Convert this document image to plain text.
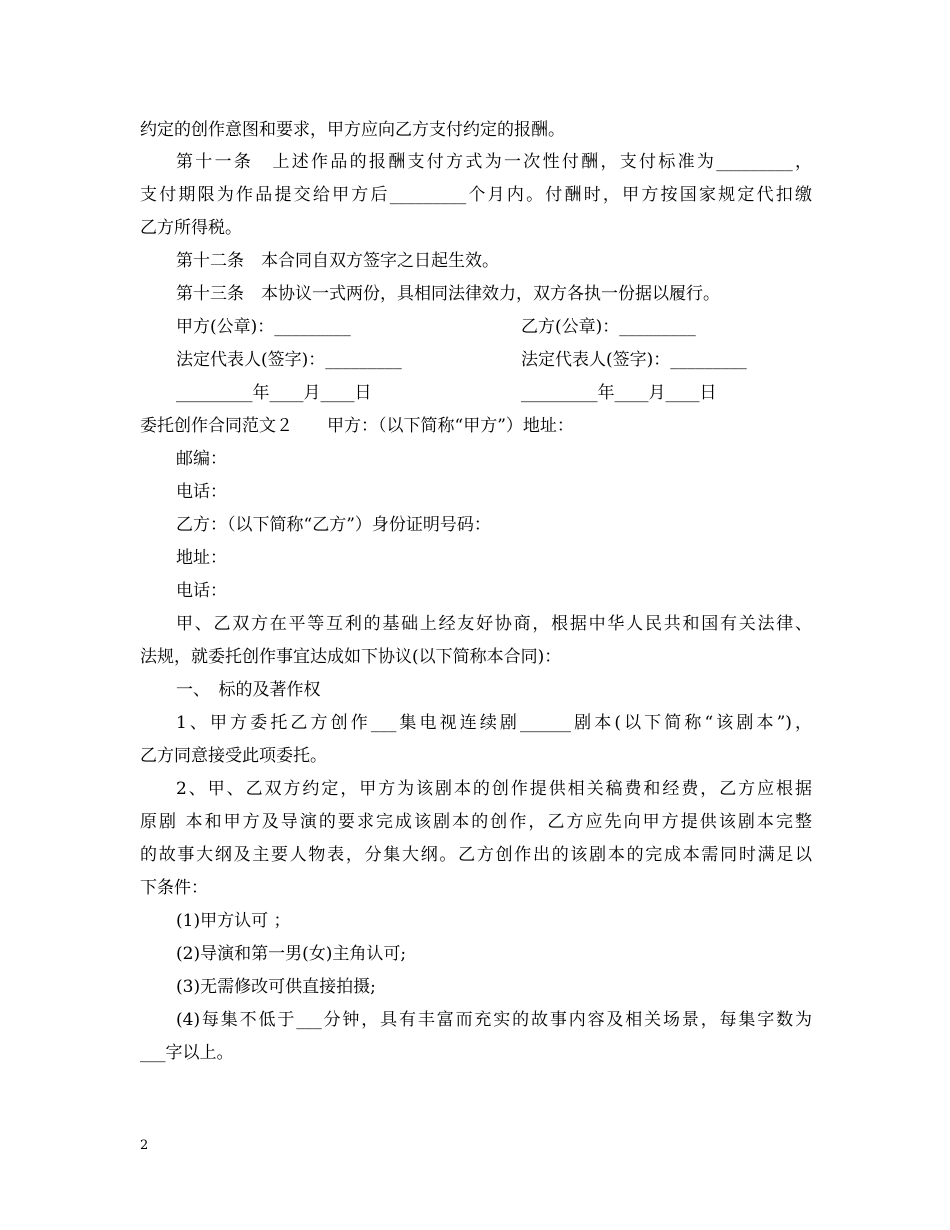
约定的创作意图和要求，甲方应向乙方支付约定的报酬。
第十一条　上述作品的报酬支付方式为一次性付酬，支付标准为_________，
支付期限为作品提交给甲方后_________个月内。付酬时，甲方按国家规定代扣缴
乙方所得税。
第十二条　本合同自双方签字之日起生效。
第十三条　本协议一式两份，具相同法律效力，双方各执一份据以履行。
甲方(公章)：_________	乙方(公章)：_________
法定代表人(签字)：_________	法定代表人(签字)：_________
_________年____月____日	_________年____月____日
委托创作合同范文２　　甲方：（以下简称“甲方”）地址：
邮编：
电话：
乙方：（以下简称“乙方”）身份证明号码：
地址：
电话：
甲、乙双方在平等互利的基础上经友好协商，根据中华人民共和国有关法律、
法规，就委托创作事宜达成如下协议(以下简称本合同)：
一、　标的及著作权
1、甲方委托乙方创作___集电视连续剧______剧本(以下简称“该剧本”)，
乙方同意接受此项委托。
2、甲、乙双方约定，甲方为该剧本的创作提供相关稿费和经费，乙方应根据
原剧 本和甲方及导演的要求完成该剧本的创作，乙方应先向甲方提供该剧本完整
的故事大纲及主要人物表，分集大纲。乙方创作出的该剧本的完成本需同时满足以
下条件：
(1)甲方认可 ；
(2)导演和第一男(女)主角认可;
(3)无需修改可供直接拍摄;
(4)每集不低于___分钟，具有丰富而充实的故事内容及相关场景，每集字数为
___字以上。
2
